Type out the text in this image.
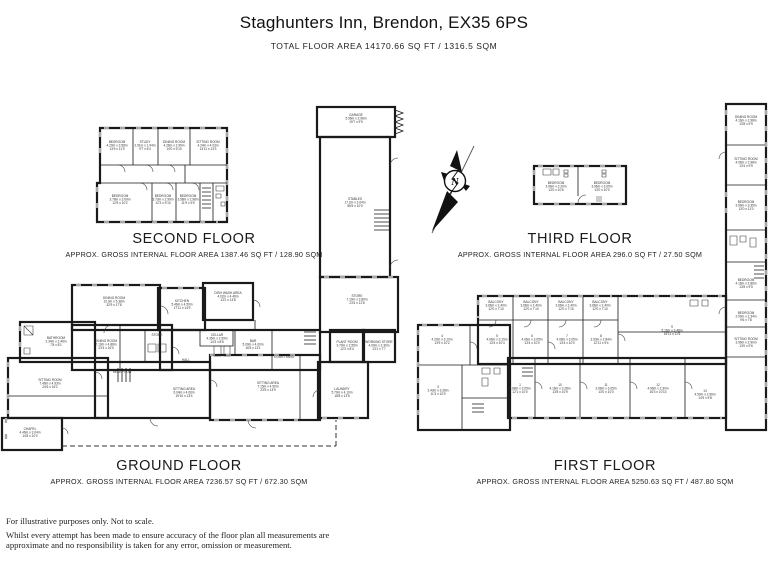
Staghunters Inn, Brendon, EX35 6PS
TOTAL FLOOR AREA 14170.66 SQ FT / 1316.5 SQM
BEDROOM 4.20m x 3.58m 13'9 x 11'9
STUDY 2.91m x 1.94m 9'7 x 6'4
DINING ROOM 4.26m x 2.99m 14'0 x 9'10
SITTING ROOM 4.24m x 4.03m 13'11 x 13'3
BEDROOM 3.78m x 3.09m 12'5 x 10'2
BEDROOM 3.73m x 2.99m 12'3 x 9'10
BEDROOM 3.58m x 2.98m 11'9 x 9'9
SECOND FLOOR
APPROX. GROSS INTERNAL FLOOR AREA 1387.46 SQ FT / 128.90 SQM
N	BEDROOM 3.96m x 3.20m 13'0 x 10'6
BEDROOM 3.96m x 3.05m 13'0 x 10'0
THIRD FLOOR
APPROX. GROSS INTERNAL FLOOR AREA 296.0 SQ FT / 27.50 SQM
GARAGE 5.96m x 2.96m 19'7 x 9'9
STABLES 17.2m x 3.04m 56'5 x 10'0
STORE 7.10m x 3.80m 23'4 x 12'6
DINING ROOM 10.0m x 5.38m 32'9 x 17'8
KITCHEN 5.46m x 4.50m 17'11 x 14'9
DISH WASH AREA 4.02m x 4.46m 13'2 x 14'8
DINING ROOM 7.10m x 4.88m 23'4 x 16'0
STORE	CELLAR 4.35m x 2.59m 14'3 x 8'6	BAR 5.00m x 4.00m 16'5 x 13'1
HALL
COURTYARD
BATHROOM 2.34m x 2.46m 7'8 x 8'1
SITTING ROOM 7.46m x 4.93m 24'6 x 16'2
RECEPTION
SITTING AREA 6.04m x 4.06m 19'10 x 13'4
SITTING AREA 7.15m x 4.50m 23'5 x 14'9
PLANT ROOM 3.70m x 2.55m 12'2 x 8'4
WORKING STORE 4.00m x 2.30m 13'1 x 7'7
LAUNDRY 5.70m x 4.10m 18'8 x 13'5
CHAPEL 4.46m x 3.04m 14'8 x 10'0
GROUND FLOOR
APPROX. GROSS INTERNAL FLOOR AREA 7236.57 SQ FT / 672.30 SQM
DINING ROOM 4.16m x 2.98m 13'8 x 9'9
SITTING ROOM 4.06m x 2.98m 13'4 x 9'9
BEDROOM 3.96m x 3.35m 13'0 x 11'0
BEDROOM 4.16m x 2.86m 13'8 x 9'5
BEDROOM 2.90m x 2.34m 9'6 x 7'8
SITTING ROOM 3.96m x 2.90m 13'0 x 9'6
BALCONY 3.66m x 2.40m 12'0 x 7'10
BALCONY 3.66m x 2.40m 12'0 x 7'10
BALCONY 3.66m x 2.40m 12'0 x 7'10
BALCONY 3.66m x 2.40m 12'0 x 7'10
4 4.20m x 3.10m 13'9 x 10'2
5 4.06m x 3.15m 13'4 x 10'4
6 4.06m x 3.05m 13'4 x 10'0
7 4.06m x 3.05m 13'4 x 10'0
8 3.93m x 2.84m 12'11 x 9'4
9 5.16m x 3.48m 16'11 x 11'5
3 3.43m x 3.28m 11'3 x 10'9
1 3.68m x 3.05m 12'1 x 10'0
10 4.16m x 3.28m 13'8 x 10'9
11 3.96m x 3.05m 13'0 x 10'0
12 4.96m x 3.30m 16'3 x 10'10	13 4.50m x 2.96m 14'9 x 9'8
FIRST FLOOR
APPROX. GROSS INTERNAL FLOOR AREA 5250.63 SQ FT / 487.80 SQM
For illustrative purposes only. Not to scale.
Whilst every attempt has been made to ensure accuracy of the floor plan all measurements are approximate and no responsibility is taken for any error, omission or measurement.
